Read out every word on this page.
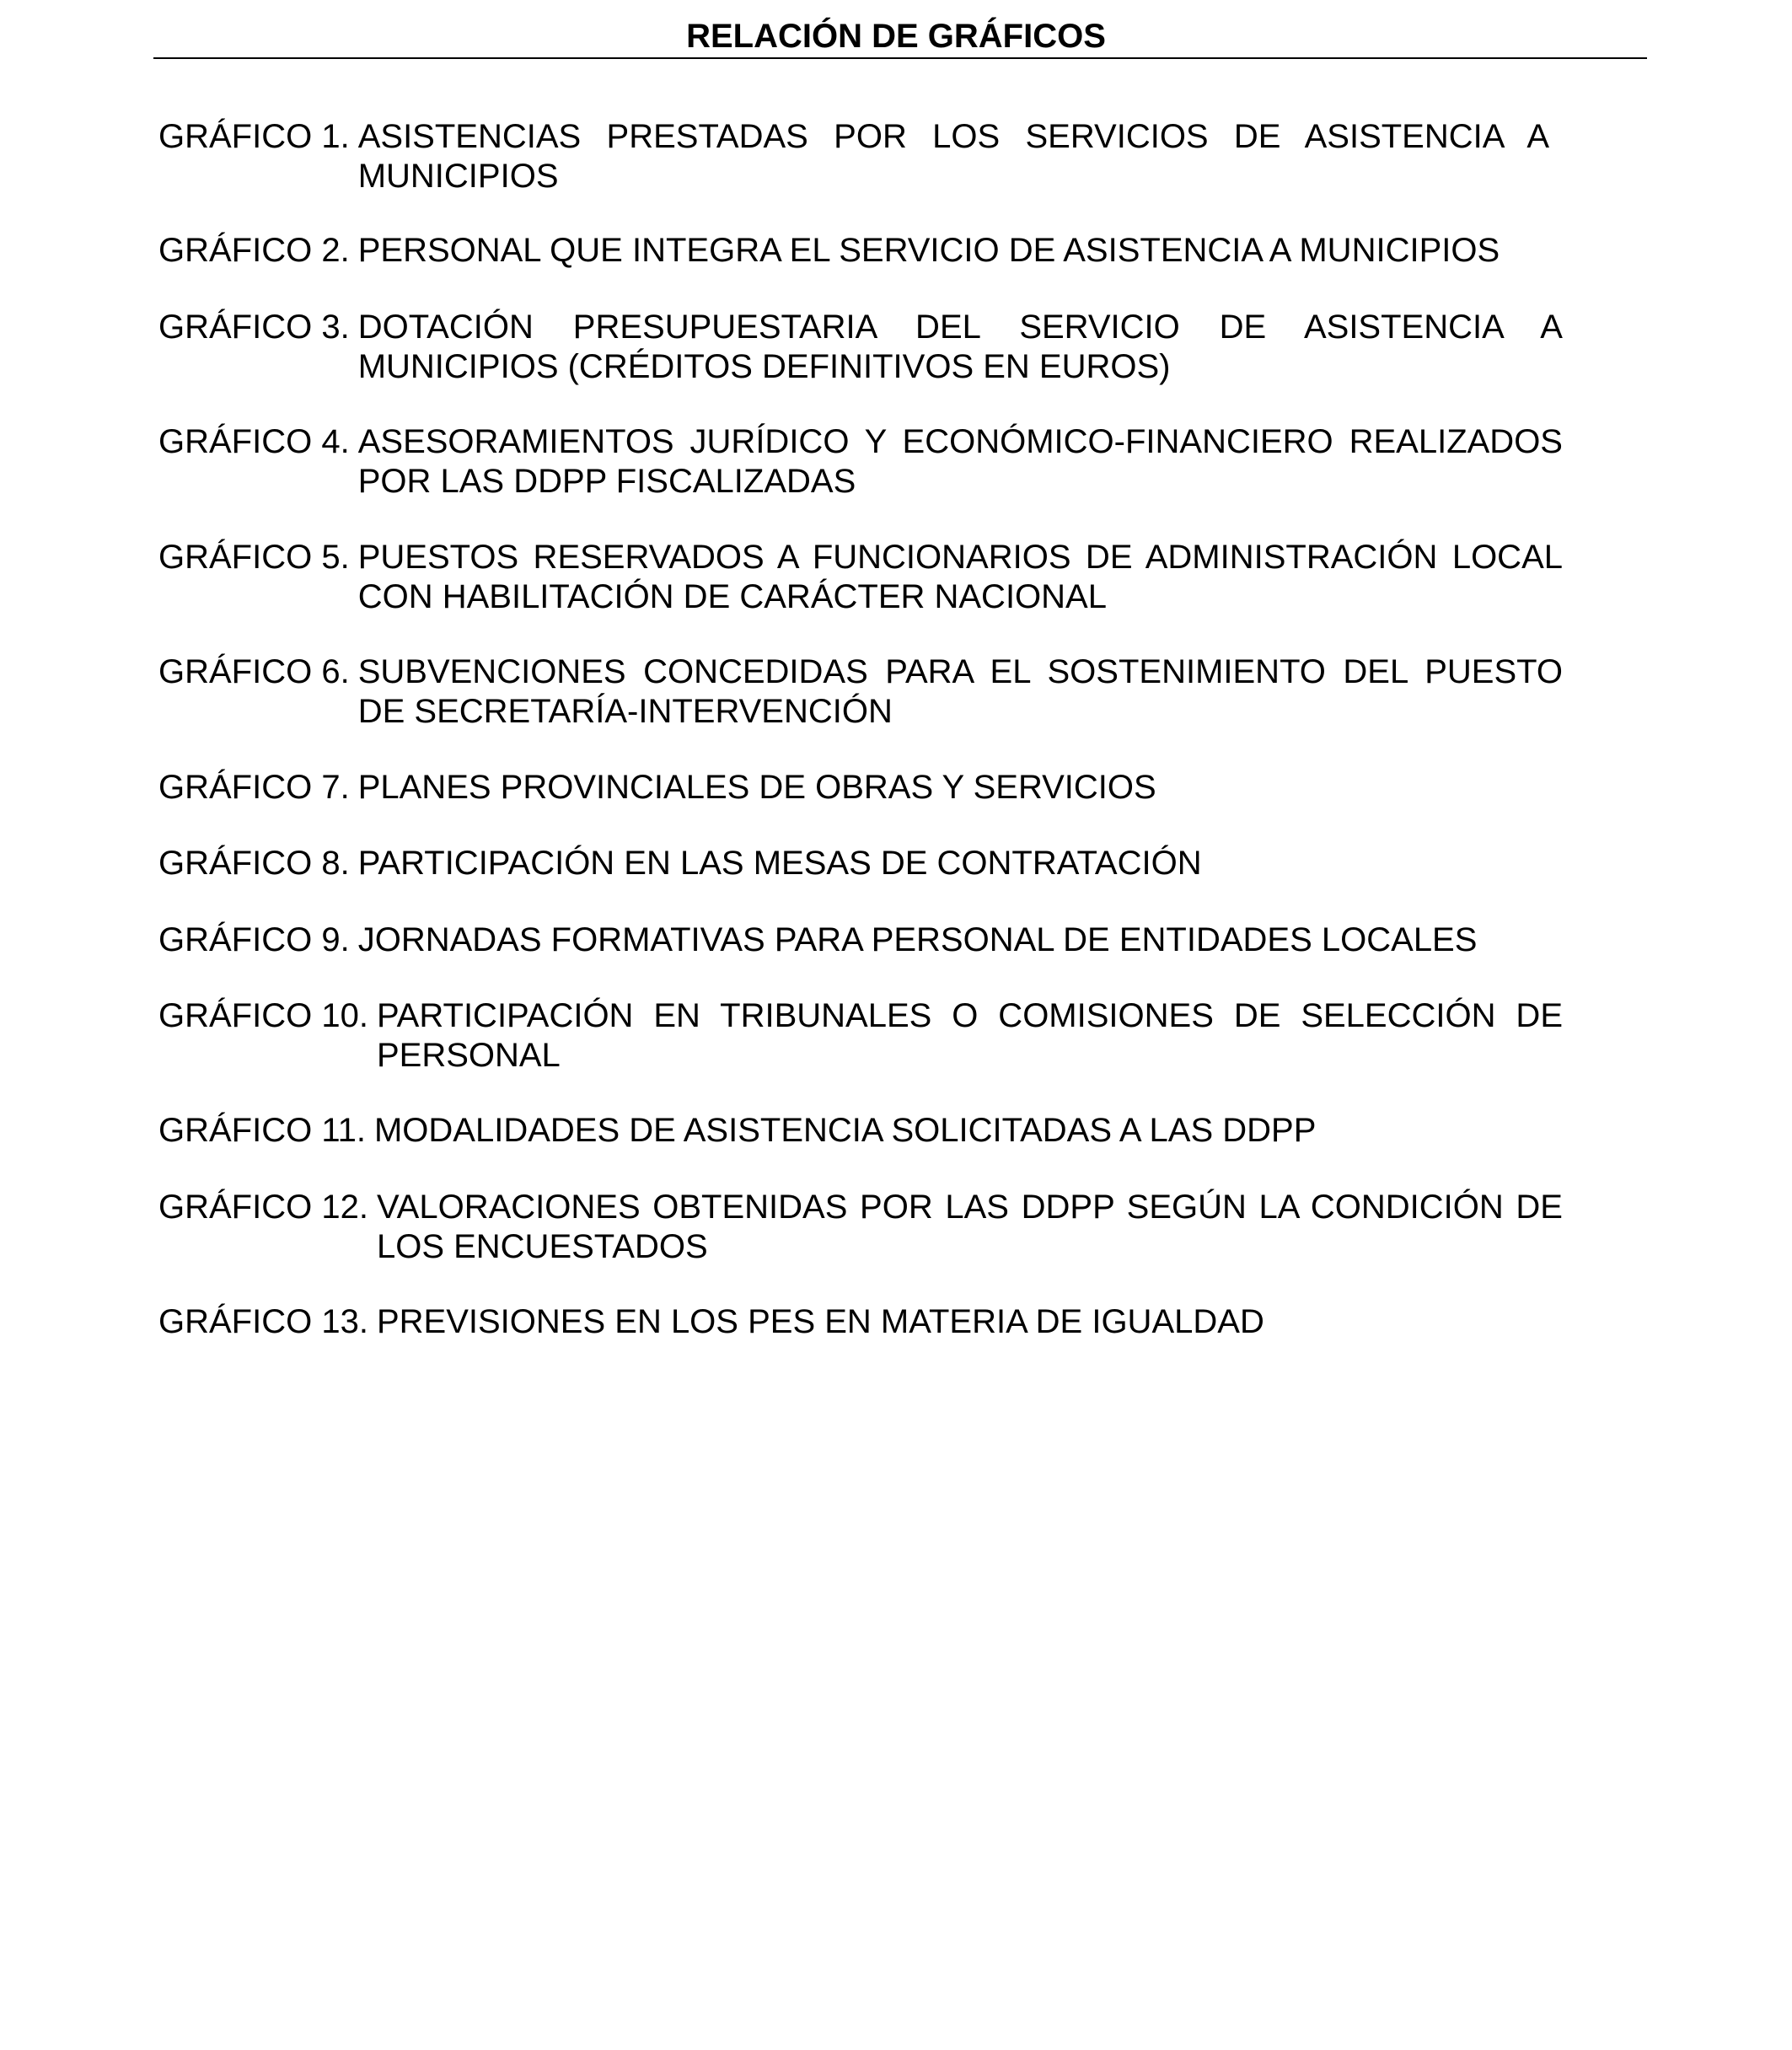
RELACIÓN DE GRÁFICOS
GRÁFICO 1. ASISTENCIAS PRESTADAS POR LOS SERVICIOS DE ASISTENCIA A MUNICIPIOS
GRÁFICO 2. PERSONAL QUE INTEGRA EL SERVICIO DE ASISTENCIA A MUNICIPIOS
GRÁFICO 3. DOTACIÓN PRESUPUESTARIA DEL SERVICIO DE ASISTENCIA A MUNICIPIOS (CRÉDITOS DEFINITIVOS EN EUROS)
GRÁFICO 4. ASESORAMIENTOS JURÍDICO Y ECONÓMICO-FINANCIERO REALIZADOS POR LAS DDPP FISCALIZADAS
GRÁFICO 5. PUESTOS RESERVADOS A FUNCIONARIOS DE ADMINISTRACIÓN LOCAL CON HABILITACIÓN DE CARÁCTER NACIONAL
GRÁFICO 6. SUBVENCIONES CONCEDIDAS PARA EL SOSTENIMIENTO DEL PUESTO DE SECRETARÍA-INTERVENCIÓN
GRÁFICO 7. PLANES PROVINCIALES DE OBRAS Y SERVICIOS
GRÁFICO 8. PARTICIPACIÓN EN LAS MESAS DE CONTRATACIÓN
GRÁFICO 9. JORNADAS FORMATIVAS PARA PERSONAL DE ENTIDADES LOCALES
GRÁFICO 10. PARTICIPACIÓN EN TRIBUNALES O COMISIONES DE SELECCIÓN DE PERSONAL
GRÁFICO 11. MODALIDADES DE ASISTENCIA SOLICITADAS A LAS DDPP
GRÁFICO 12. VALORACIONES OBTENIDAS POR LAS DDPP SEGÚN LA CONDICIÓN DE LOS ENCUESTADOS
GRÁFICO 13. PREVISIONES EN LOS PES EN MATERIA DE IGUALDAD
